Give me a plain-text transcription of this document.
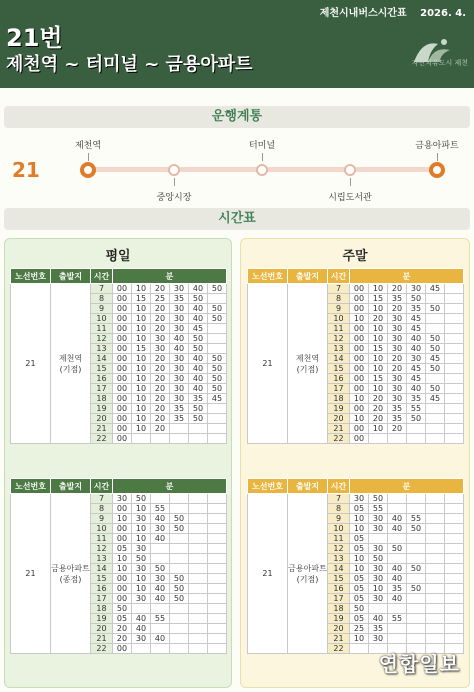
제천시내버스시간표 2026. 4.
21번
제천역 ~ 터미널 ~ 금용아파트	자연치유도시 제천
운행계통
21
제천역
중앙시장
터미널
시립도서관
금용아파트
시간표
평일	주말
노선번호	출발지	시간	분					
21	제천역
(기점)	7	00	10	20	30	40	50
		8	00	15	25	35	50	
		9	00	10	20	30	40	50
		10	00	10	20	30	40	50
		11	00	10	20	30	45	
		12	00	10	30	40	50	
		13	00	15	30	40	50	
		14	00	10	20	30	40	50
		15	00	10	20	30	40	50
		16	00	10	20	30	40	50
		17	00	10	20	30	40	50
		18	00	10	20	30	35	45
		19	00	10	20	35	50	
		20	00	10	20	35	50	
		21	00	10	20			
		22	00					
노선번호	출발지	시간	분					
21	금용아파트
(종점)	7	30	50				
		8	00	10	55			
		9	10	30	40	50		
		10	00	10	30	50		
		11	00	10	40			
		12	05	30				
		13	10	50				
		14	10	30	50			
		15	00	10	30	50		
		16	00	10	40	50		
		17	00	30	40	50		
		18	50					
		19	05	40	55			
		20	20	40				
		21	20	30	40			
		22	00					
노선번호	출발지	시간	분					
21	제천역
(기점)	7	00	10	20	30	45	
		8	00	15	35	50		
		9	00	10	20	35	50	
		10	10	20	30	45		
		11	00	10	30	45		
		12	00	10	30	40	50	
		13	00	15	30	40	50	
		14	00	10	20	30	45	
		15	00	10	20	45	50	
		16	00	15	30	45		
		17	00	10	30	40	50	
		18	10	20	30	35	45	
		19	00	20	35	55		
		20	10	20	35	50		
		21	00	10	20			
		22	00					
노선번호	출발지	시간	분					
21	금용아파트
(기점)	7	30	50				
		8	05	55				
		9	10	30	40	55		
		10	10	30	40	50		
		11	05					
		12	05	30	50			
		13	10	50				
		14	10	30	40	50		
		15	05	30	40			
		16	05	10	35	50		
		17	05	30	40			
		18	50					
		19	05	40	55			
		20	25	35				
		21	10	30				
		22						
연합일보
